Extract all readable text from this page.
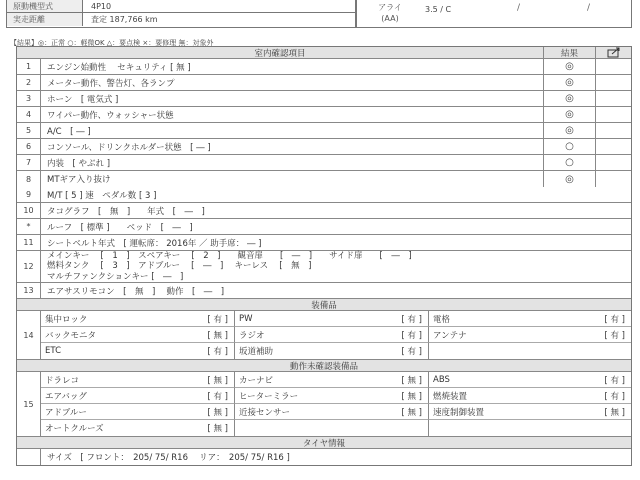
原動機型式	4P10
実走距離	査定 187,766 km
アライ
(AA)
3.5 / C	/	/
【結果】◎：正常 ○：軽微OK △：要点検 ×：要修理 無：対象外
室内確認項目	結果
1	エンジン始動性　 セキュリティ [ 無 ]	◎
2	メーター動作、警告灯、各ランプ	◎
3	ホーン　[ 電気式 ]	◎
4	ワイパー動作、ウォッシャー状態	◎
5	A/C　[ ― ]	◎
6	コンソール、ドリンクホルダー状態　[ ― ]	○
7	内装　[ やぶれ ]	○
8	MTギア入り抜け	◎
9	M/T [ 5 ] 速　ペダル数 [ 3 ]
10	タコグラフ　[　無　]　　年式　[　―　]
*	ルーフ　[ 標準 ]　　ベッド　[　―　]
11	シートベルト年式　[ 運転席： 2016年 ／ 助手席： ― ]
12
メインキー　 [　1　]　スペアキー　 [　2　]　　観音扉　　[　―　]　　サイド扉　　[　―　]
燃料タンク　 [　3　]　アドブルー　 [　―　]　 キーレス　 [　無　]
マルチファンクションキー [　―　]
13	エアサスリモコン　[　無　]　 動作　[　―　]
装備品
14
集中ロック	[ 有 ] PW	[ 有 ] 電格	[ 有 ]
バックモニタ	[ 無 ] ラジオ	[ 有 ] アンテナ	[ 有 ]
ETC	[ 有 ] 坂道補助	[ 有 ]
動作未確認装備品
15
ドラレコ	[ 無 ] カーナビ	[ 無 ] ABS	[ 有 ]
エアバッグ	[ 有 ] ヒーターミラー	[ 無 ] 燃焼装置	[ 有 ]
アドブルー	[ 無 ] 近接センサー	[ 無 ] 速度制御装置	[ 無 ]
オートクルーズ	[ 無 ]
タイヤ情報
サイズ　[ フロント：　205/ 75/ R16　 リア：　205/ 75/ R16 ]
